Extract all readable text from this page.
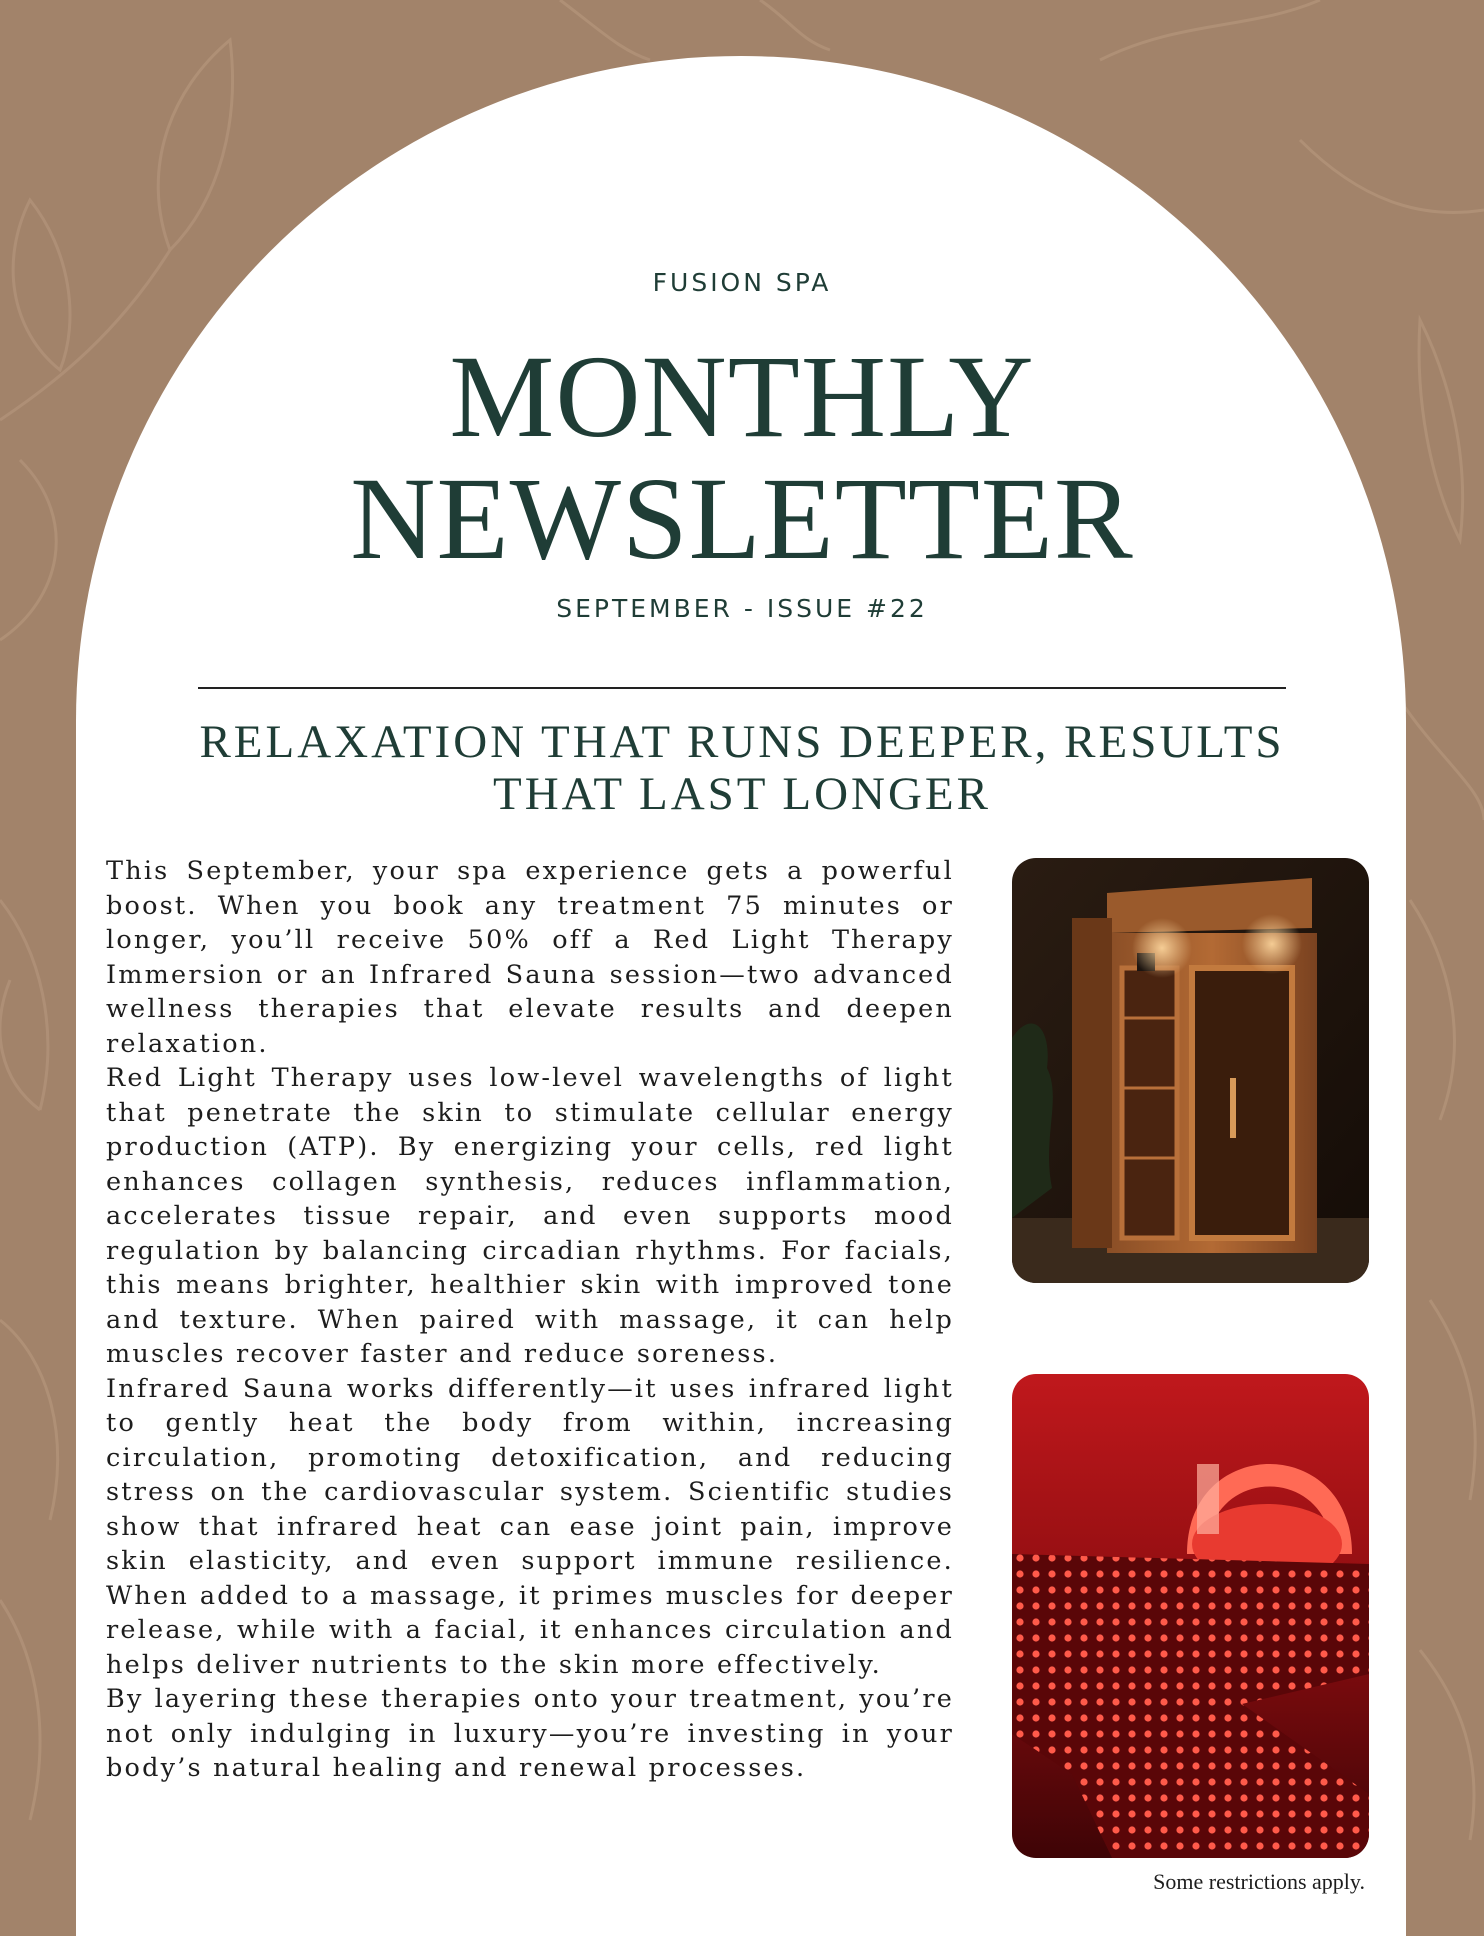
FUSION SPA
MONTHLY
NEWSLETTER
SEPTEMBER - ISSUE #22
RELAXATION THAT RUNS DEEPER, RESULTS THAT LAST LONGER

This September, your spa experience gets a powerful boost. When you book any treatment 75 minutes or longer, you’ll receive 50% off a Red Light Therapy Immersion or an Infrared Sauna session—two advanced wellness therapies that elevate results and deepen relaxation.

Red Light Therapy uses low-level wavelengths of light that penetrate the skin to stimulate cellular energy production (ATP). By energizing your cells, red light enhances collagen synthesis, reduces inflammation, accelerates tissue repair, and even supports mood regulation by balancing circadian rhythms. For facials, this means brighter, healthier skin with improved tone and texture. When paired with massage, it can help muscles recover faster and reduce soreness.

Infrared Sauna works differently—it uses infrared light to gently heat the body from within, increasing circulation, promoting detoxification, and reducing stress on the cardiovascular system. Scientific studies show that infrared heat can ease joint pain, improve skin elasticity, and even support immune resilience. When added to a massage, it primes muscles for deeper release, while with a facial, it enhances circulation and helps deliver nutrients to the skin more effectively.

By layering these therapies onto your treatment, you’re not only indulging in luxury—you’re investing in your body’s natural healing and renewal processes.

Some restrictions apply.
